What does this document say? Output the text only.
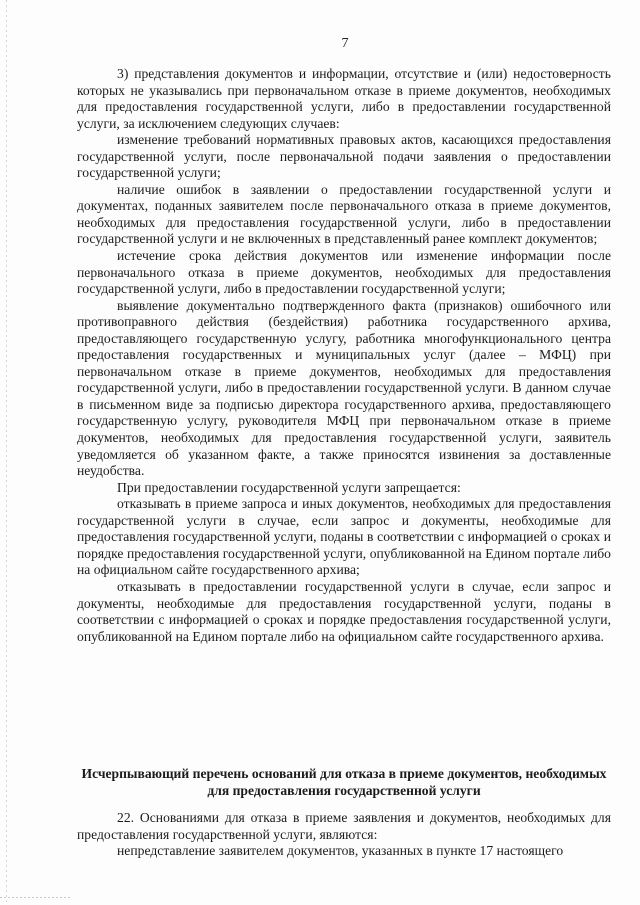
7

3) представления документов и информации, отсутствие и (или) недостоверность которых не указывались при первоначальном отказе в приеме документов, необходимых для предоставления государственной услуги, либо в предоставлении государственной услуги, за исключением следующих случаев:

изменение требований нормативных правовых актов, касающихся предоставления государственной услуги, после первоначальной подачи заявления о предоставлении государственной услуги;

наличие ошибок в заявлении о предоставлении государственной услуги и документах, поданных заявителем после первоначального отказа в приеме документов, необходимых для предоставления государственной услуги, либо в предоставлении государственной услуги и не включенных в представленный ранее комплект документов;

истечение срока действия документов или изменение информации после первоначального отказа в приеме документов, необходимых для предоставления государственной услуги, либо в предоставлении государственной услуги;

выявление документально подтвержденного факта (признаков) ошибочного или противоправного действия (бездействия) работника государственного архива, предоставляющего государственную услугу, работника многофункционального центра предоставления государственных и муниципальных услуг (далее – МФЦ) при первоначальном отказе в приеме документов, необходимых для предоставления государственной услуги, либо в предоставлении государственной услуги. В данном случае в письменном виде за подписью директора государственного архива, предоставляющего государственную услугу, руководителя МФЦ при первоначальном отказе в приеме документов, необходимых для предоставления государственной услуги, заявитель уведомляется об указанном факте, а также приносятся извинения за доставленные неудобства.

При предоставлении государственной услуги запрещается:

отказывать в приеме запроса и иных документов, необходимых для предоставления государственной услуги в случае, если запрос и документы, необходимые для предоставления государственной услуги, поданы в соответствии с информацией о сроках и порядке предоставления государственной услуги, опубликованной на Едином портале либо на официальном сайте государственного архива;

отказывать в предоставлении государственной услуги в случае, если запрос и документы, необходимые для предоставления государственной услуги, поданы в соответствии с информацией о сроках и порядке предоставления государственной услуги, опубликованной на Едином портале либо на официальном сайте государственного архива.

Исчерпывающий перечень оснований для отказа в приеме документов, необходимых для предоставления государственной услуги

22. Основаниями для отказа в приеме заявления и документов, необходимых для предоставления государственной услуги, являются:

непредставление заявителем документов, указанных в пункте 17 настоящего
